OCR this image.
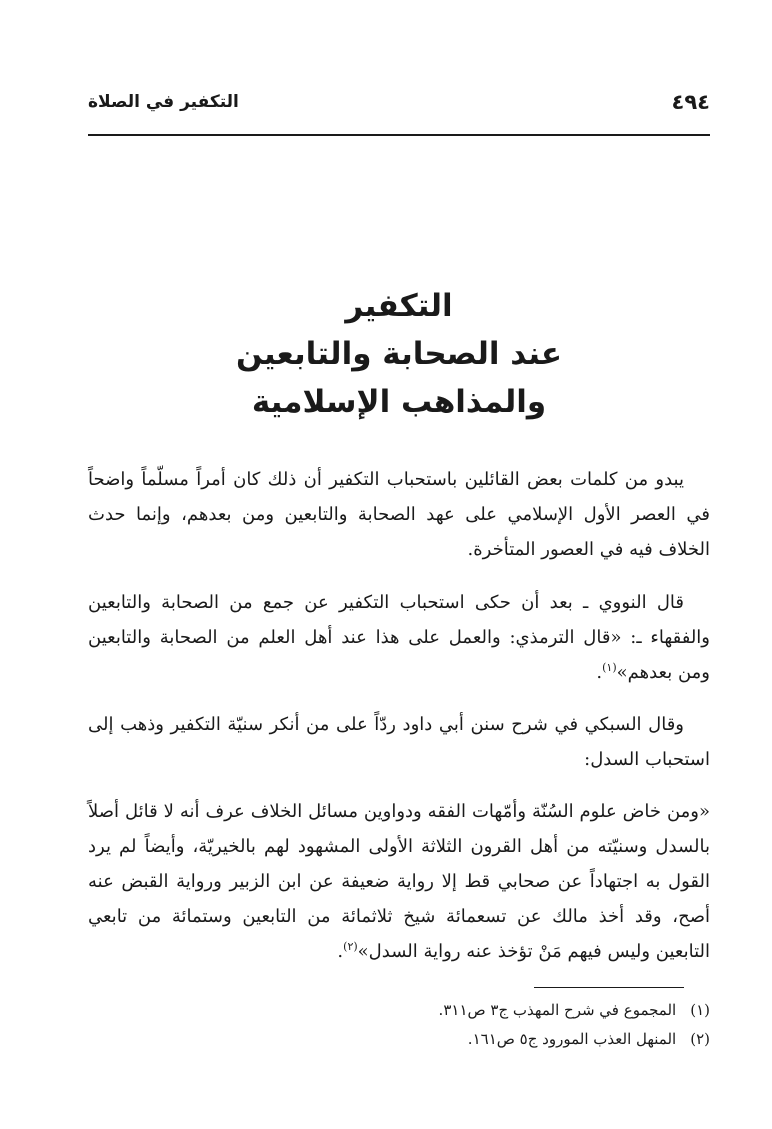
٤٩٤
التكفير في الصلاة
التكفير
عند الصحابة والتابعين
والمذاهب الإسلامية

يبدو من كلمات بعض القائلين باستحباب التكفير أن ذلك كان أمراً مسلّماً واضحاً في العصر الأول الإسلامي على عهد الصحابة والتابعين ومن بعدهم، وإنما حدث الخلاف فيه في العصور المتأخرة.

قال النووي ـ بعد أن حكى استحباب التكفير عن جمع من الصحابة والتابعين والفقهاء ـ: «قال الترمذي: والعمل على هذا عند أهل العلم من الصحابة والتابعين ومن بعدهم»$^{(١)}$.

وقال السبكي في شرح سنن أبي داود ردّاً على من أنكر سنيّة التكفير وذهب إلى استحباب السدل:

«ومن خاض علوم السُنّة وأمّهات الفقه ودواوين مسائل الخلاف عرف أنه لا قائل أصلاً بالسدل وسنيّته من أهل القرون الثلاثة الأولى المشهود لهم بالخيريّة، وأيضاً لم يرد القول به اجتهاداً عن صحابي قط إلا رواية ضعيفة عن ابن الزبير ورواية القبض عنه أصح، وقد أخذ مالك عن تسعمائة شيخ ثلاثمائة من التابعين وستمائة من تابعي التابعين وليس فيهم مَنْ تؤخذ عنه رواية السدل»$^{(٢)}$.

(١)المجموع في شرح المهذب ج٣ ص٣١١.
(٢)المنهل العذب المورود ج٥ ص١٦١.
